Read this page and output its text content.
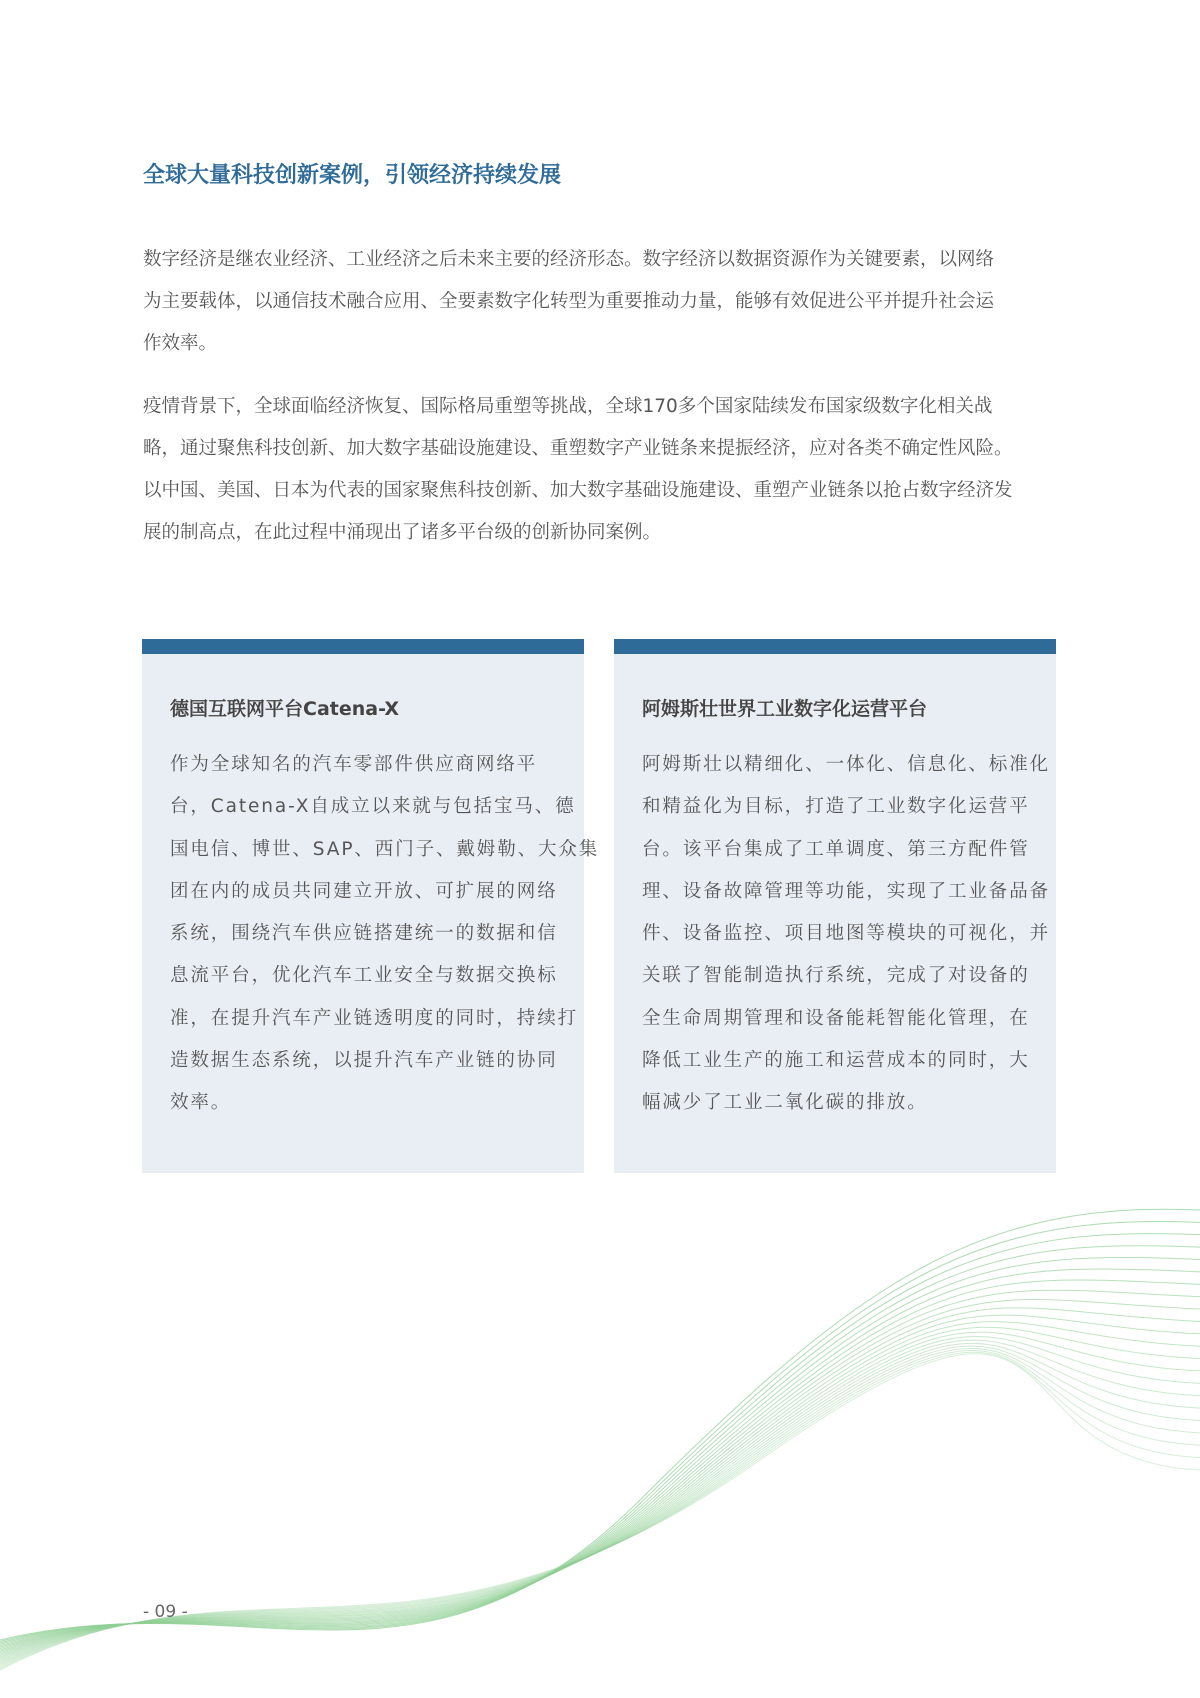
全球大量科技创新案例，引领经济持续发展
数字经济是继农业经济、工业经济之后未来主要的经济形态。数字经济以数据资源作为关键要素，以网络
为主要载体，以通信技术融合应用、全要素数字化转型为重要推动力量，能够有效促进公平并提升社会运
作效率。
疫情背景下，全球面临经济恢复、国际格局重塑等挑战，全球170多个国家陆续发布国家级数字化相关战
略，通过聚焦科技创新、加大数字基础设施建设、重塑数字产业链条来提振经济，应对各类不确定性风险。
以中国、美国、日本为代表的国家聚焦科技创新、加大数字基础设施建设、重塑产业链条以抢占数字经济发
展的制高点，在此过程中涌现出了诸多平台级的创新协同案例。
德国互联网平台Catena-X
作为全球知名的汽车零部件供应商网络平
台，Catena-X自成立以来就与包括宝马、德
国电信、博世、SAP、西门子、戴姆勒、大众集
团在内的成员共同建立开放、可扩展的网络
系统，围绕汽车供应链搭建统一的数据和信
息流平台，优化汽车工业安全与数据交换标
准，在提升汽车产业链透明度的同时，持续打
造数据生态系统，以提升汽车产业链的协同
效率。
阿姆斯壮世界工业数字化运营平台
阿姆斯壮以精细化、一体化、信息化、标准化
和精益化为目标，打造了工业数字化运营平
台。该平台集成了工单调度、第三方配件管
理、设备故障管理等功能，实现了工业备品备
件、设备监控、项目地图等模块的可视化，并
关联了智能制造执行系统，完成了对设备的
全生命周期管理和设备能耗智能化管理，在
降低工业生产的施工和运营成本的同时，大
幅减少了工业二氧化碳的排放。
- 09 -
